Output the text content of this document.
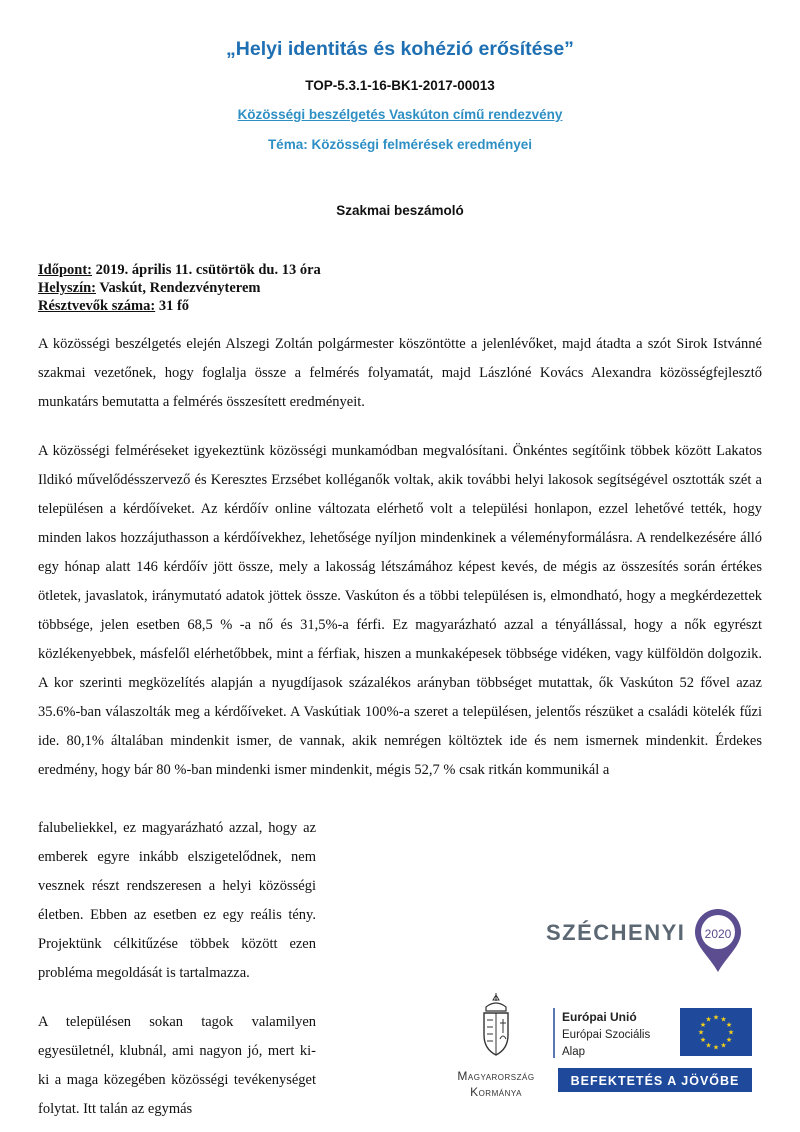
„Helyi identitás és kohézió erősítése”
TOP-5.3.1-16-BK1-2017-00013
Közösségi beszélgetés Vaskúton című rendezvény
Téma: Közösségi felmérések eredményei
Szakmai beszámoló
Időpont: 2019. április 11. csütörtök du. 13 óra
Helyszín: Vaskút, Rendezvényterem
Résztvevők száma: 31 fő
A közösségi beszélgetés elején Alszegi Zoltán polgármester köszöntötte a jelenlévőket, majd átadta a szót Sirok Istvánné szakmai vezetőnek, hogy foglalja össze a felmérés folyamatát, majd Lászlóné Kovács Alexandra közösségfejlesztő munkatárs bemutatta a felmérés összesített eredményeit.
A közösségi felméréseket igyekeztünk közösségi munkamódban megvalósítani. Önkéntes segítőink többek között Lakatos Ildikó művelődésszervező és Keresztes Erzsébet kolléganők voltak, akik további helyi lakosok segítségével osztották szét a településen a kérdőíveket. Az kérdőív online változata elérhető volt a települési honlapon, ezzel lehetővé tették, hogy minden lakos hozzájuthasson a kérdőívekhez, lehetősége nyíljon mindenkinek a véleményformálásra. A rendelkezésére álló egy hónap alatt 146 kérdőív jött össze, mely a lakosság létszámához képest kevés, de mégis az összesítés során értékes ötletek, javaslatok, iránymutató adatok jöttek össze. Vaskúton és a többi településen is, elmondható, hogy a megkérdezettek többsége, jelen esetben 68,5 % -a nő és 31,5%-a férfi. Ez magyarázható azzal a tényállással, hogy a nők egyrészt közlékenyebbek, másfelől elérhetőbbek, mint a férfiak, hiszen a munkaképesek többsége vidéken, vagy külföldön dolgozik. A kor szerinti megközelítés alapján a nyugdíjasok százalékos arányban többséget mutattak, ők Vaskúton 52 fővel azaz 35.6%-ban válaszolták meg a kérdőíveket. A Vaskútiak 100%-a szeret a településen, jelentős részüket a családi kötelék fűzi ide. 80,1% általában mindenkit ismer, de vannak, akik nemrégen költöztek ide és nem ismernek mindenkit. Érdekes eredmény, hogy bár 80 %-ban mindenki ismer mindenkit, mégis 52,7 % csak ritkán kommunikál a
falubeliekkel, ez magyarázható azzal, hogy az emberek egyre inkább elszigetelődnek, nem vesznek részt rendszeresen a helyi közösségi életben. Ebben az esetben ez egy reális tény. Projektünk célkitűzése többek között ezen probléma megoldását is tartalmazza.
A településen sokan tagok valamilyen egyesületnél, klubnál, ami nagyon jó, mert ki-ki a maga közegében közösségi tevékenységet folytat. Itt talán az egymás
SZÉCHENYI 2020
Magyarország
Kormánya
Európai Unió
Európai Szociális
Alap
★ ★
★
★
★
★
★
★
★
★
★
★
BEFEKTETÉS A JÖVŐBE
